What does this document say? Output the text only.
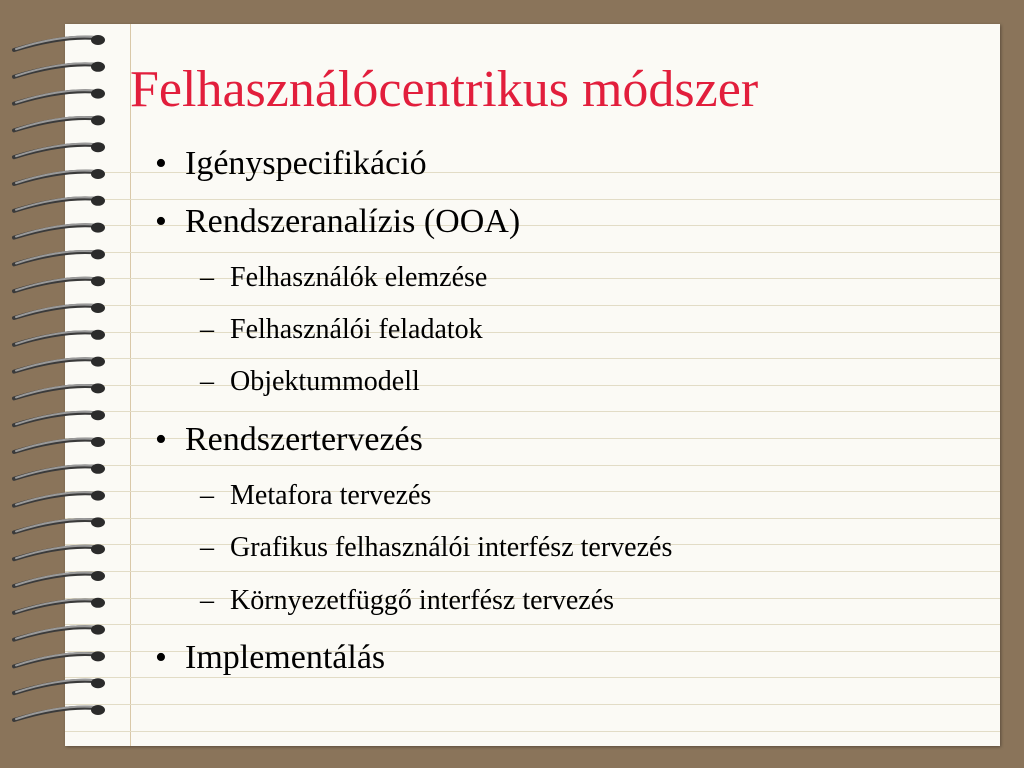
Felhasználócentrikus módszer
• Igényspecifikáció
• Rendszeranalízis (OOA)
– Felhasználók elemzése
– Felhasználói feladatok
– Objektummodell
• Rendszertervezés
– Metafora tervezés
– Grafikus felhasználói interfész tervezés
– Környezetfüggő interfész tervezés
• Implementálás
